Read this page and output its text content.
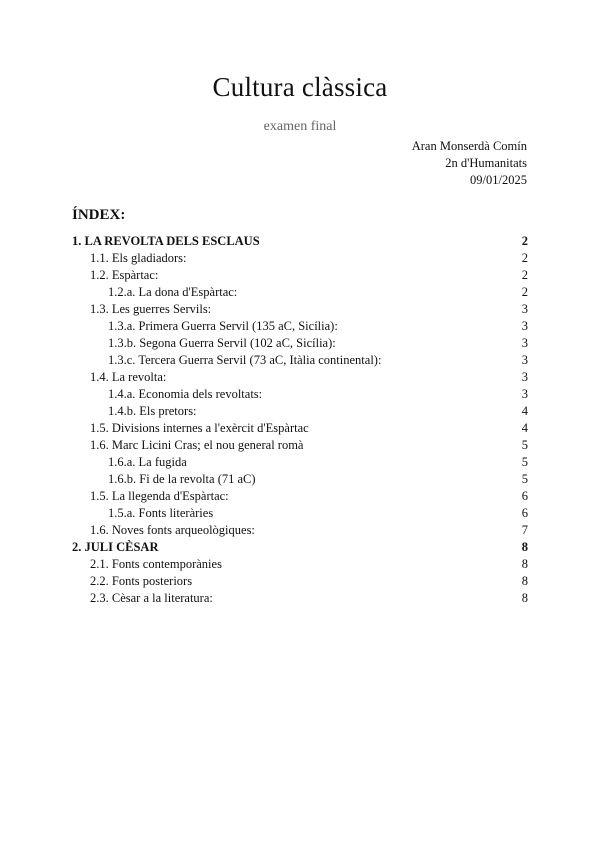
Cultura clàssica
examen final
Aran Monserdà Comín
2n d'Humanitats
09/01/2025
ÍNDEX:
1. LA REVOLTA DELS ESCLAUS	2
1.1. Els gladiadors:	2
1.2. Espàrtac:	2
1.2.a. La dona d'Espàrtac:	2
1.3. Les guerres Servils:	3
1.3.a. Primera Guerra Servil (135 aC, Sicília):	3
1.3.b. Segona Guerra Servil (102 aC, Sicília):	3
1.3.c. Tercera Guerra Servil (73 aC, Itàlia continental):	3
1.4. La revolta:	3
1.4.a. Economia dels revoltats:	3
1.4.b. Els pretors:	4
1.5. Divisions internes a l'exèrcit d'Espàrtac	4
1.6. Marc Licini Cras; el nou general romà	5
1.6.a. La fugida	5
1.6.b. Fi de la revolta (71 aC)	5
1.5. La llegenda d'Espàrtac:	6
1.5.a. Fonts literàries	6
1.6. Noves fonts arqueològiques:	7
2. JULI CÈSAR	8
2.1. Fonts contemporànies	8
2.2. Fonts posteriors	8
2.3. Cèsar a la literatura:	8
